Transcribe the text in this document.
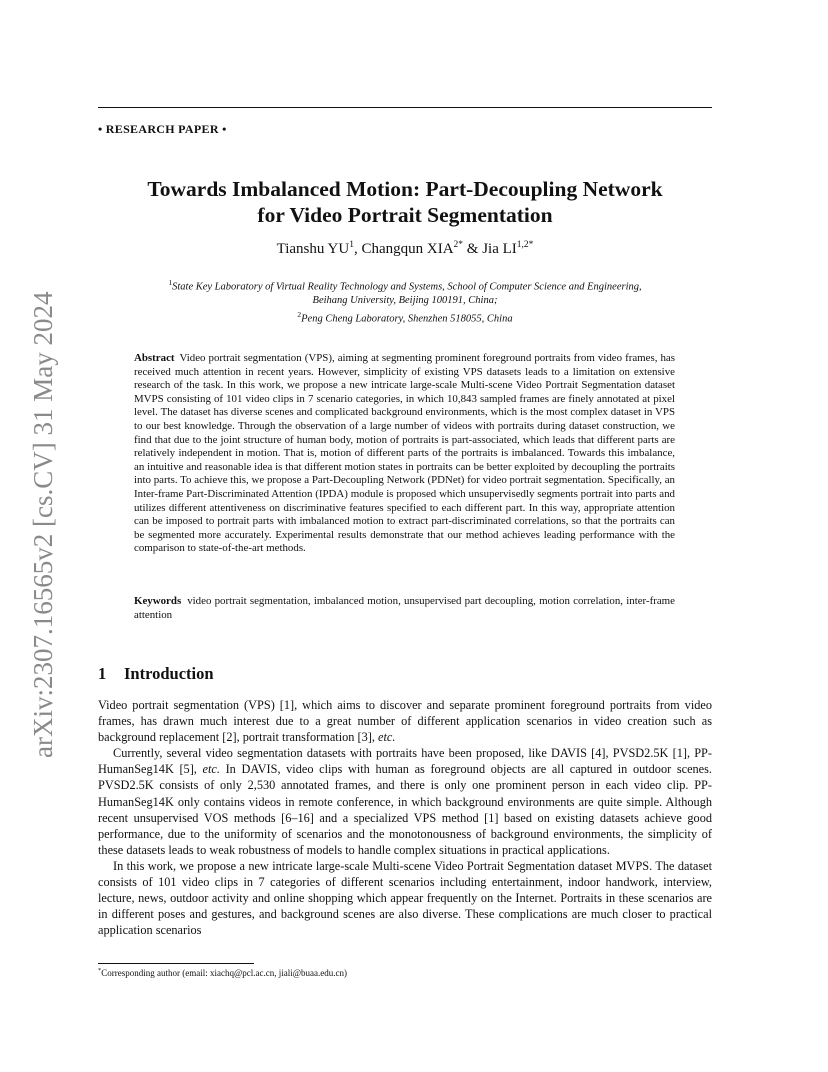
arXiv:2307.16565v2 [cs.CV] 31 May 2024
• RESEARCH PAPER •
Towards Imbalanced Motion: Part-Decoupling Network
for Video Portrait Segmentation
Tianshu $YU^1$, Changqun $XIA^{2*}$ & Jia $LI^{1,2*}$
$^1$State Key Laboratory of Virtual Reality Technology and Systems, School of Computer Science and Engineering,
Beihang University, Beijing 100191, China;
$^2$Peng Cheng Laboratory, Shenzhen 518055, China
Abstract Video portrait segmentation (VPS), aiming at segmenting prominent foreground portraits from video frames, has received much attention in recent years. However, simplicity of existing VPS datasets leads to a limitation on extensive research of the task. In this work, we propose a new intricate large-scale Multi-scene Video Portrait Segmentation dataset MVPS consisting of 101 video clips in 7 scenario categories, in which 10,843 sampled frames are finely annotated at pixel level. The dataset has diverse scenes and complicated background environments, which is the most complex dataset in VPS to our best knowledge. Through the observation of a large number of videos with portraits during dataset construction, we find that due to the joint structure of human body, motion of portraits is part-associated, which leads that different parts are relatively independent in motion. That is, motion of different parts of the portraits is imbalanced. Towards this imbalance, an intuitive and reasonable idea is that different motion states in portraits can be better exploited by decoupling the portraits into parts. To achieve this, we propose a Part-Decoupling Network (PDNet) for video portrait segmentation. Specifically, an Inter-frame Part-Discriminated Attention (IPDA) module is proposed which unsupervisedly segments portrait into parts and utilizes different attentiveness on discriminative features specified to each different part. In this way, appropriate attention can be imposed to portrait parts with imbalanced motion to extract part-discriminated correlations, so that the portraits can be segmented more accurately. Experimental results demonstrate that our method achieves leading performance with the comparison to state-of-the-art methods.
Keywords video portrait segmentation, imbalanced motion, unsupervised part decoupling, motion correlation, inter-frame attention
1 Introduction

Video portrait segmentation (VPS) [1], which aims to discover and separate prominent foreground portraits from video frames, has drawn much interest due to a great number of different application scenarios in video creation such as background replacement [2], portrait transformation [3], etc.

Currently, several video segmentation datasets with portraits have been proposed, like DAVIS [4], PVSD2.5K [1], PP-HumanSeg14K [5], etc. In DAVIS, video clips with human as foreground objects are all captured in outdoor scenes. PVSD2.5K consists of only 2,530 annotated frames, and there is only one prominent person in each video clip. PP-HumanSeg14K only contains videos in remote conference, in which background environments are quite simple. Although recent unsupervised VOS methods [6–16] and a specialized VPS method [1] based on existing datasets achieve good performance, due to the uniformity of scenarios and the monotonousness of background environments, the simplicity of these datasets leads to weak robustness of models to handle complex situations in practical applications.

In this work, we propose a new intricate large-scale Multi-scene Video Portrait Segmentation dataset MVPS. The dataset consists of 101 video clips in 7 categories of different scenarios including entertainment, indoor handwork, interview, lecture, news, outdoor activity and online shopping which appear frequently on the Internet. Portraits in these scenarios are in different poses and gestures, and background scenes are also diverse. These complications are much closer to practical application scenarios

*Corresponding author (email: xiachq@pcl.ac.cn, jiali@buaa.edu.cn)
